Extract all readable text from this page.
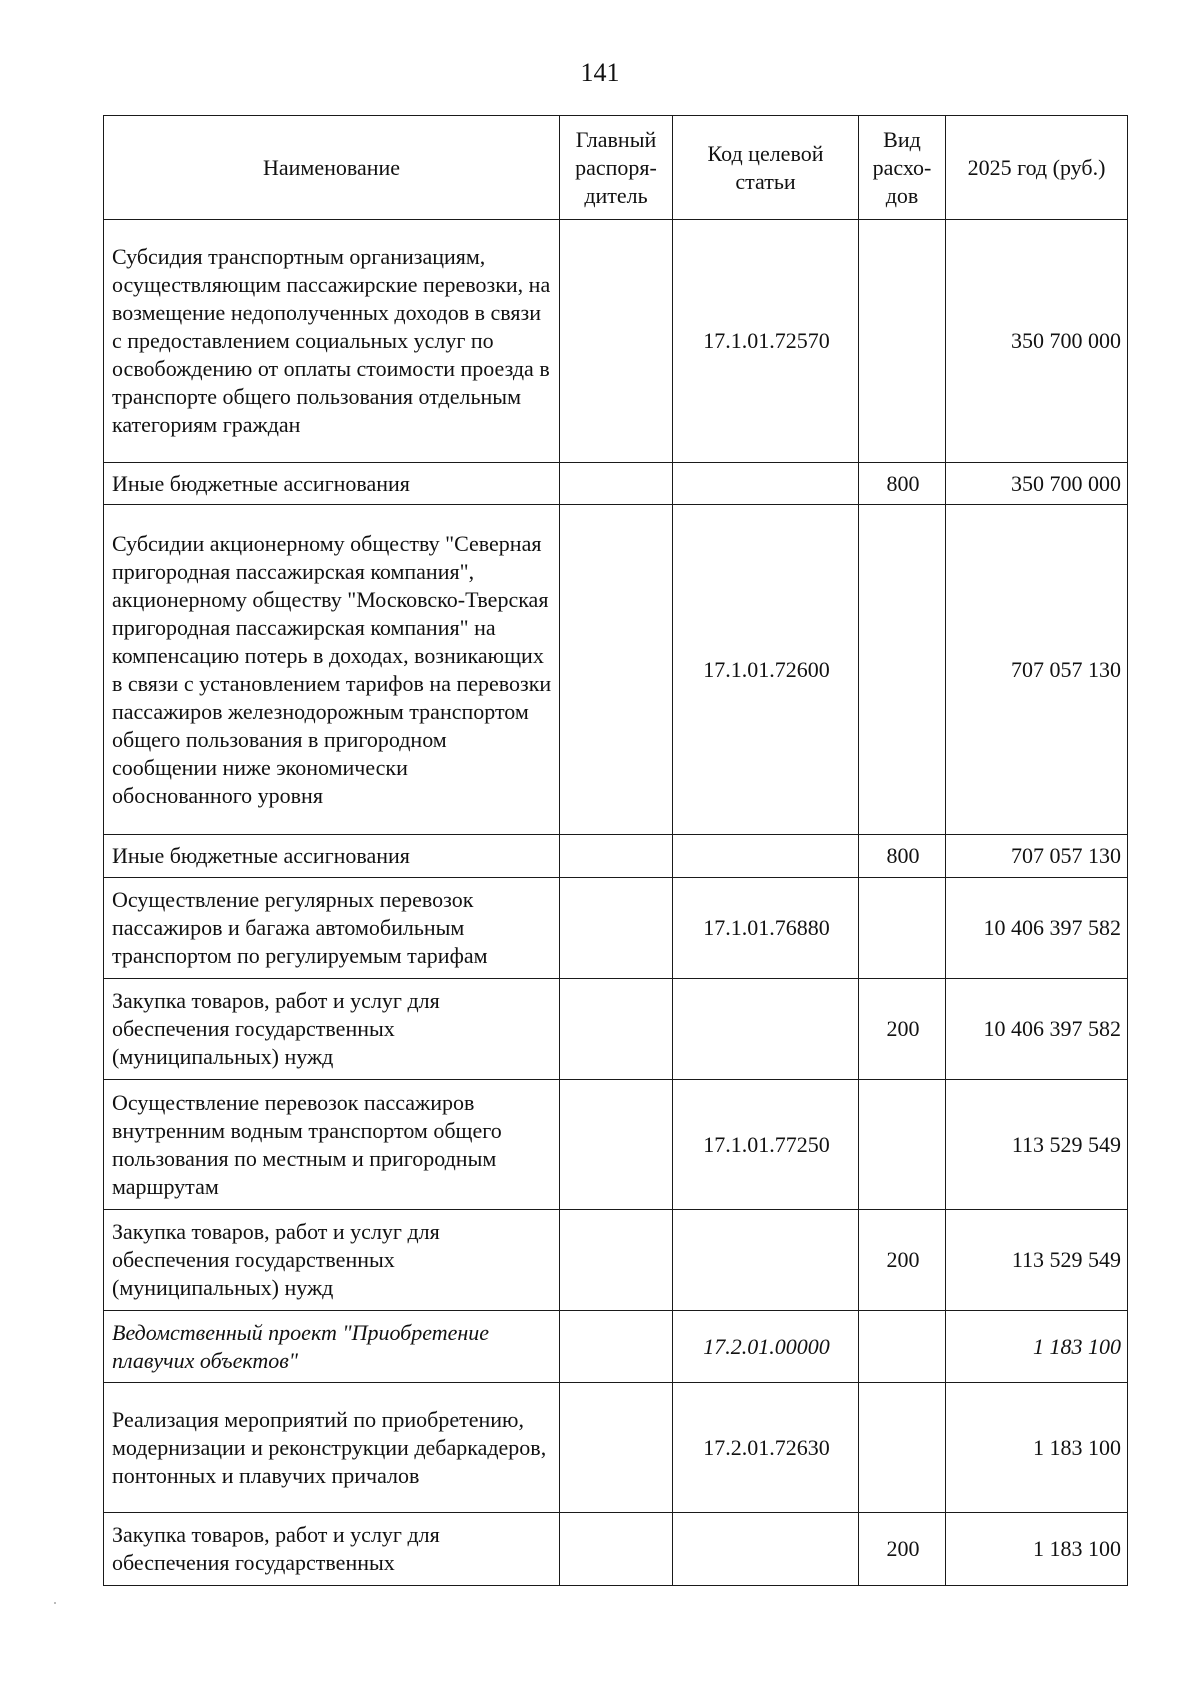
141
Наименование	Главный распоря-дитель	Код целевой статьи	Вид расхо-дов	2025 год (руб.)
Субсидия транспортным организациям, осуществляющим пассажирские перевозки, на возмещение недополученных доходов в связи с предоставлением социальных услуг по освобождению от оплаты стоимости проезда в транспорте общего пользования отдельным категориям граждан		17.1.01.72570		350 700 000
Иные бюджетные ассигнования			800	350 700 000
Субсидии акционерному обществу "Северная пригородная пассажирская компания", акционерному обществу "Московско-Тверская пригородная пассажирская компания" на компенсацию потерь в доходах, возникающих в связи с установлением тарифов на перевозки пассажиров железнодорожным транспортом общего пользования в пригородном сообщении ниже экономически обоснованного уровня		17.1.01.72600		707 057 130
Иные бюджетные ассигнования			800	707 057 130
Осуществление регулярных перевозок пассажиров и багажа автомобильным транспортом по регулируемым тарифам		17.1.01.76880		10 406 397 582
Закупка товаров, работ и услуг для обеспечения государственных (муниципальных) нужд			200	10 406 397 582
Осуществление перевозок пассажиров внутренним водным транспортом общего пользования по местным и пригородным маршрутам		17.1.01.77250		113 529 549
Закупка товаров, работ и услуг для обеспечения государственных (муниципальных) нужд			200	113 529 549
Ведомственный проект "Приобретение плавучих объектов"		17.2.01.00000		1 183 100
Реализация мероприятий по приобретению, модернизации и реконструкции дебаркадеров, понтонных и плавучих причалов		17.2.01.72630		1 183 100
Закупка товаров, работ и услуг для обеспечения государственных			200	1 183 100
